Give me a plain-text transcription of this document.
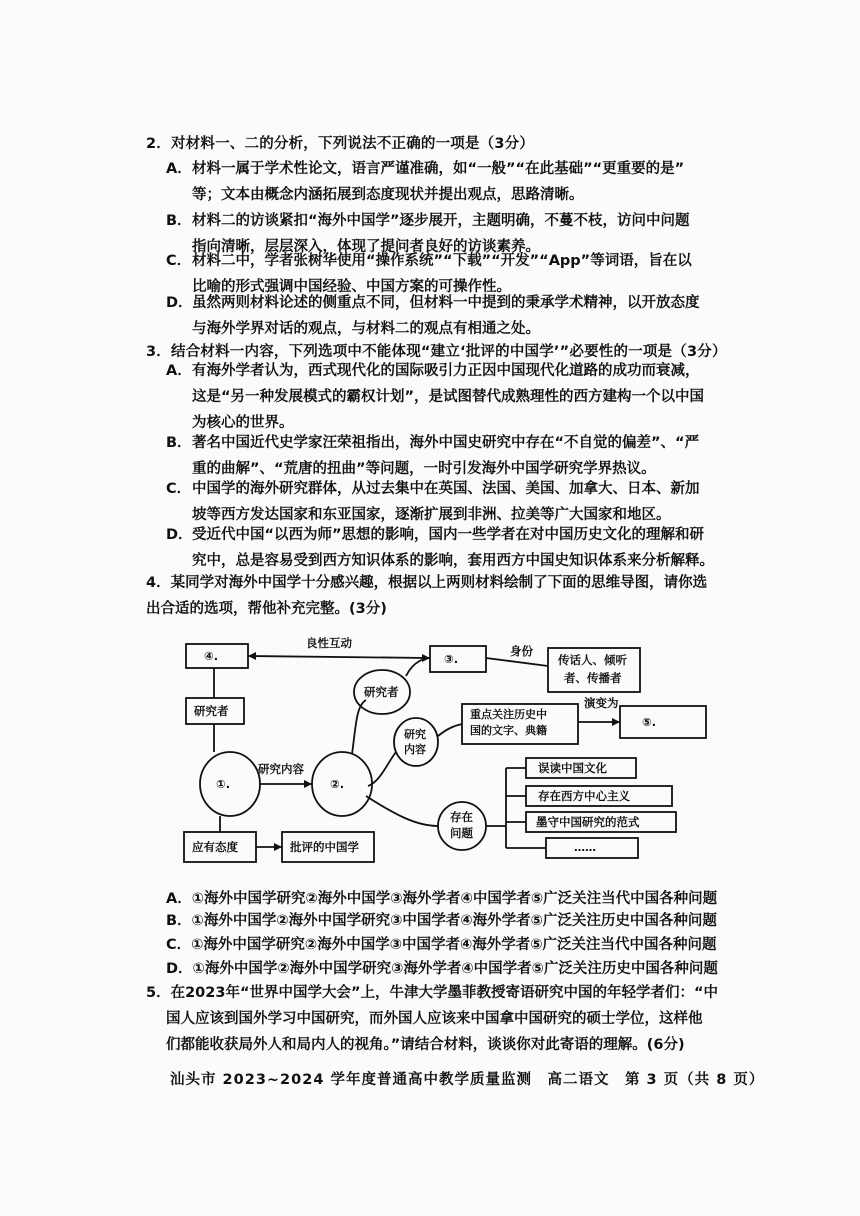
2．对材料一、二的分析，下列说法不正确的一项是（3分）
A． 材料一属于学术性论文，语言严谨准确，如“一般”“在此基础”“更重要的是”
等；文本由概念内涵拓展到态度现状并提出观点，思路清晰。
B． 材料二的访谈紧扣“海外中国学”逐步展开，主题明确，不蔓不枝，访问中问题
指向清晰，层层深入，体现了提问者良好的访谈素养。
C． 材料二中，学者张树华使用“操作系统”“下载”“开发”“App”等词语，旨在以
比喻的形式强调中国经验、中国方案的可操作性。
D． 虽然两则材料论述的侧重点不同，但材料一中提到的秉承学术精神，以开放态度
与海外学界对话的观点，与材料二的观点有相通之处。
3．结合材料一内容，下列选项中不能体现“建立‘批评的中国学’”必要性的一项是（3分）
A． 有海外学者认为，西式现代化的国际吸引力正因中国现代化道路的成功而衰减，
这是“另一种发展模式的霸权计划”，是试图替代成熟理性的西方建构一个以中国
为核心的世界。
B． 著名中国近代史学家汪荣祖指出，海外中国史研究中存在“不自觉的偏差”、“严
重的曲解”、“荒唐的扭曲”等问题，一时引发海外中国学研究学界热议。
C． 中国学的海外研究群体，从过去集中在英国、法国、美国、加拿大、日本、新加
坡等西方发达国家和东亚国家，逐渐扩展到非洲、拉美等广大国家和地区。
D． 受近代中国“以西为师”思想的影响，国内一些学者在对中国历史文化的理解和研
究中，总是容易受到西方知识体系的影响，套用西方中国史知识体系来分析解释。
4．某同学对海外中国学十分感兴趣，根据以上两则材料绘制了下面的思维导图，请你选
出合适的选项，帮他补充完整。(3分)
④.
良性互动
③.
身份
传话人、倾听
者、传播者
研究者
研究者
重点关注历史中
国的文字、典籍
演变为
⑤.
①.
研究内容
②.
研究
内容
存在
问题
误读中国文化
存在西方中心主义
墨守中国研究的范式
……
应有态度	批评的中国学
A．①海外中国学研究②海外中国学③海外学者④中国学者⑤广泛关注当代中国各种问题
B．①海外中国学②海外中国学研究③中国学者④海外学者⑤广泛关注历史中国各种问题
C．①海外中国学研究②海外中国学③中国学者④海外学者⑤广泛关注当代中国各种问题
D．①海外中国学②海外中国学研究③海外学者④中国学者⑤广泛关注历史中国各种问题
5．在2023年“世界中国学大会”上，牛津大学墨菲教授寄语研究中国的年轻学者们：“中
国人应该到国外学习中国研究，而外国人应该来中国拿中国研究的硕士学位，这样他
们都能收获局外人和局内人的视角。”请结合材料，谈谈你对此寄语的理解。(6分)
汕头市 2023~2024 学年度普通高中教学质量监测　高二语文　第 3 页（共 8 页）
